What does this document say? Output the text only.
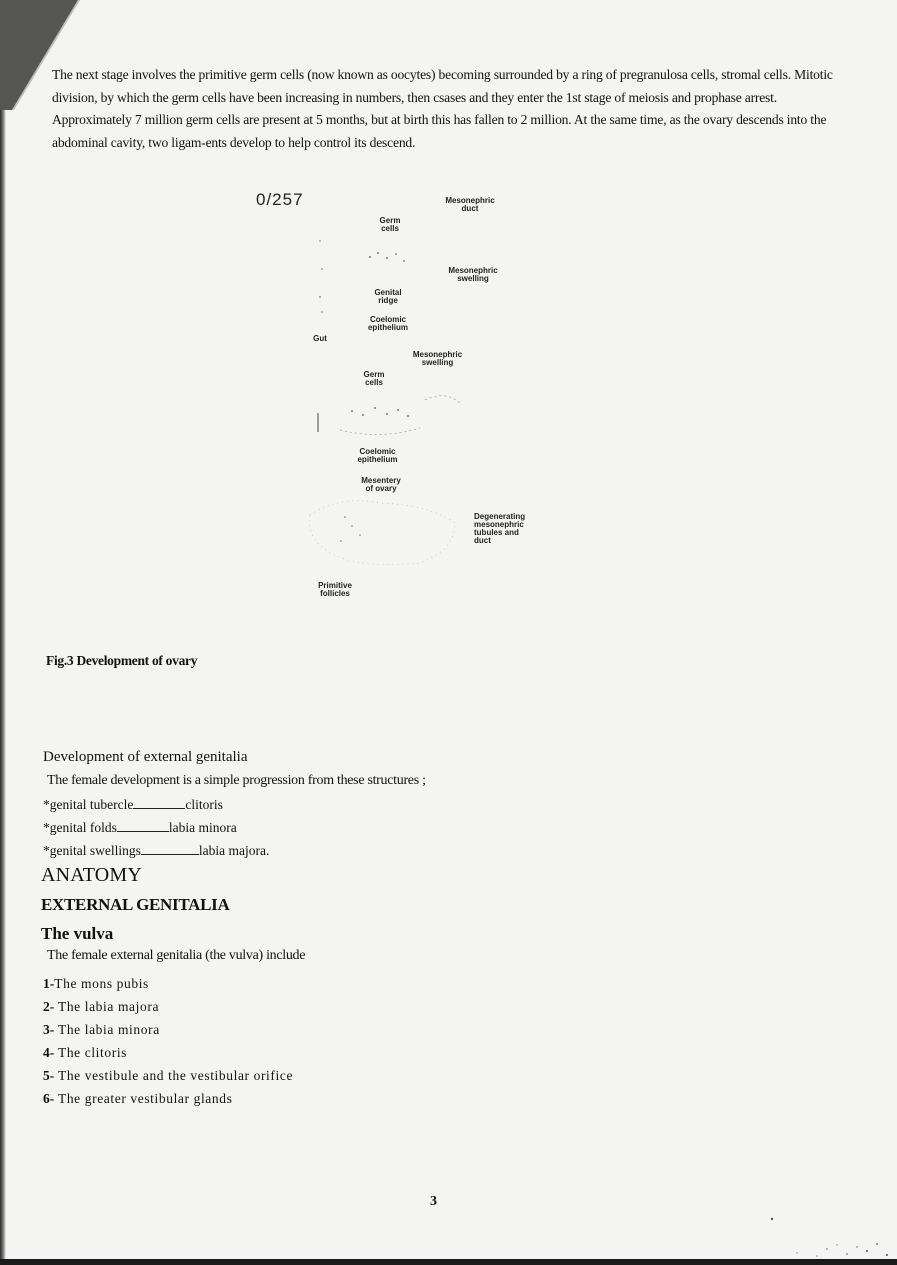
The next stage involves the primitive germ cells (now known as oocytes) becoming surrounded by a ring of pregranulosa cells, stromal cells. Mitotic division, by which the germ cells have been increasing in numbers, then csases and they enter the 1st stage of meiosis and prophase arrest. Approximately 7 million germ cells are present at 5 months, but at birth this has fallen to 2 million. At the same time, as the ovary descends into the abdominal cavity, two ligam-ents develop to help control its descend.

0/257	Mesonephric
duct
Germ
cells
Mesonephric
swelling
Genital
ridge
Coelomic
epithelium
Gut
Mesonephric
swelling
Germ
cells
Coelomic
epithelium
Mesentery
of ovary
Degenerating
mesonephric
tubules and
duct
Primitive
follicles
Fig.3 Development of ovary
Development of external genitalia
The female development is a simple progression from these structures ;
*genital tubercle	clitoris
*genital folds	labia minora
*genital swellings	labia majora.
ANATOMY
EXTERNAL GENITALIA
The vulva
The female external genitalia (the vulva) include
1-The mons pubis
2- The labia majora
3- The labia minora
4- The clitoris
5- The vestibule and the vestibular orifice
6- The greater vestibular glands
3
